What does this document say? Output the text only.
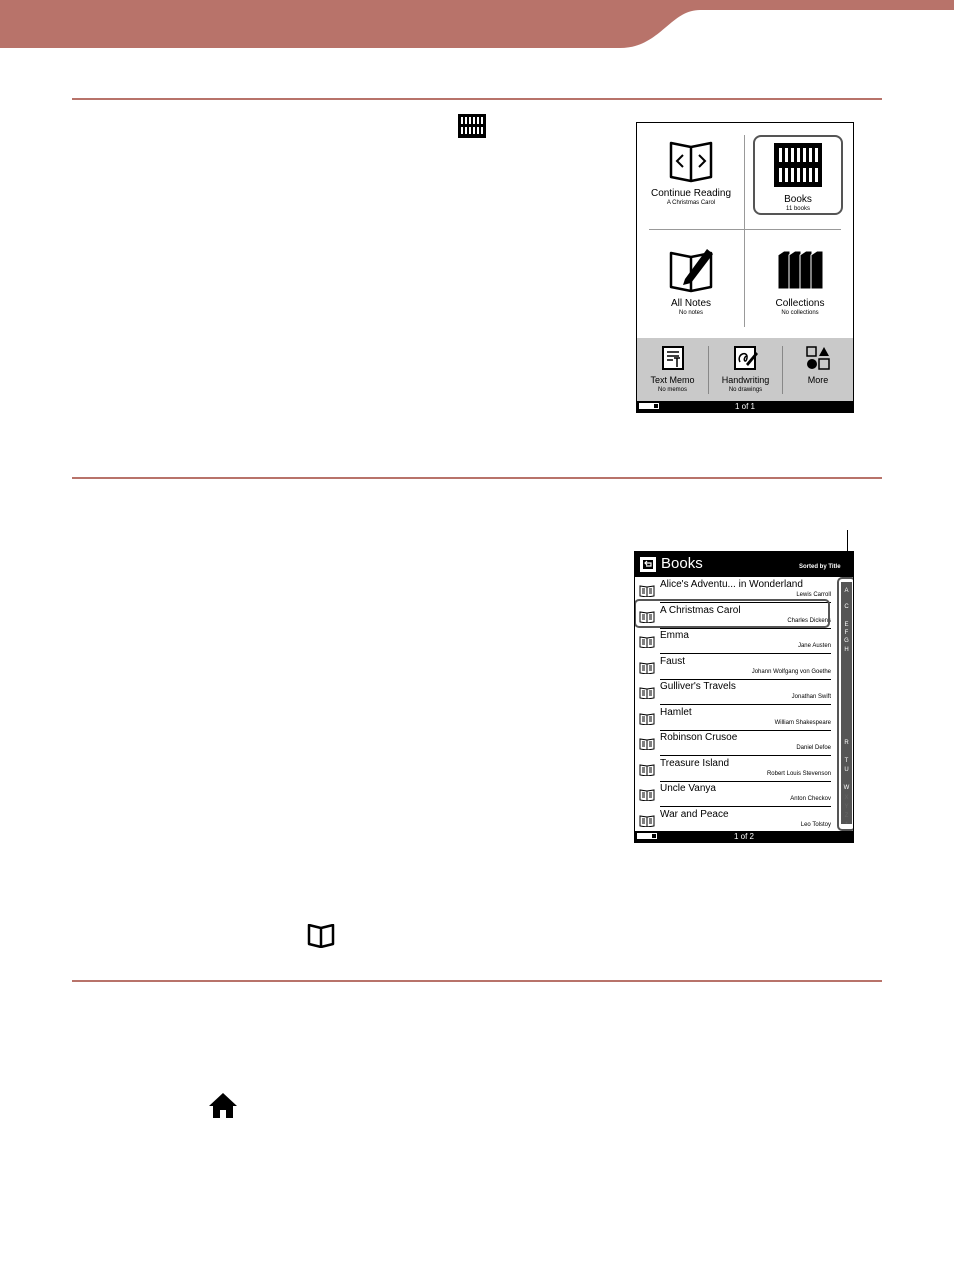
Continue Reading
A Christmas Carol	Books
11 books
All Notes
No notes
Collections
No collections
Text Memo
No memos
Handwriting
No drawings
More
1 of 1
Books	Sorted by Title
Alice's Adventu... in Wonderland
Lewis Carroll
A Christmas Carol
Charles Dickens
Emma
Jane Austen
Faust
Johann Wolfgang von Goethe
Gulliver's Travels
Jonathan Swift
Hamlet
William Shakespeare
Robinson Crusoe
Daniel Defoe
Treasure Island
Robert Louis Stevenson
Uncle Vanya
Anton Checkov
War and Peace
Leo Tolstoy
A
C
E
F
G
H
R
T
U
W
X
Y
Z
*
1 of 2
